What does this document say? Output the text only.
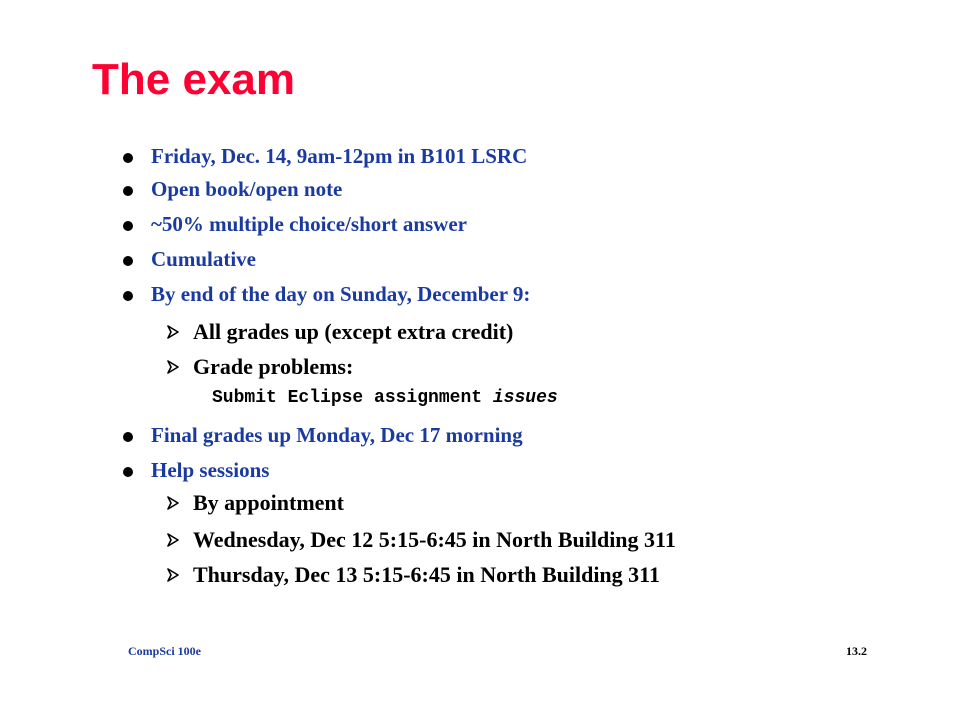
The exam
Friday, Dec. 14, 9am-12pm in B101 LSRC
Open book/open note
~50% multiple choice/short answer
Cumulative
By end of the day on Sunday, December 9:
All grades up (except extra credit)
Grade problems:
Submit Eclipse assignment issues
Final grades up Monday, Dec 17 morning
Help sessions
By appointment
Wednesday, Dec 12 5:15-6:45 in North Building 311
Thursday, Dec 13 5:15-6:45 in North Building 311
CompSci 100e	13.2
